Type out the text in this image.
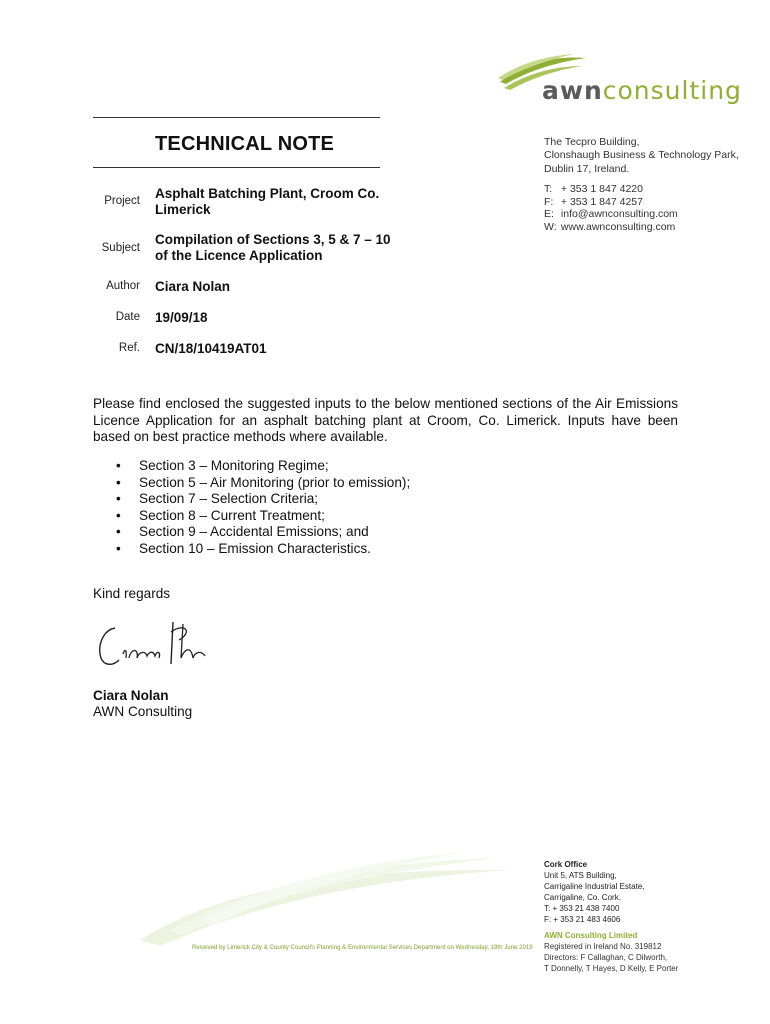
awnconsulting
TECHNICAL NOTE	The Tecpro Building,
Clonshaugh Business & Technology Park,
Dublin 17, Ireland.
T: + 353 1 847 4220
F: + 353 1 847 4257
E: info@awnconsulting.com
W: www.awnconsulting.com
Project Asphalt Batching Plant, Croom Co. Limerick
Subject
Compilation of Sections 3, 5 & 7 – 10 of the Licence Application
Author Ciara Nolan
Date 19/09/18
Ref. CN/18/10419AT01
Please find enclosed the suggested inputs to the below mentioned sections of the Air Emissions Licence Application for an asphalt batching plant at Croom, Co. Limerick. Inputs have been based on best practice methods where available.
•	Section 3 – Monitoring Regime;
•	Section 5 – Air Monitoring (prior to emission);
•	Section 7 – Selection Criteria;
•	Section 8 – Current Treatment;
•	Section 9 – Accidental Emissions; and
•	Section 10 – Emission Characteristics.
Kind regards
Ciara Nolan
AWN Consulting
Cork Office
Unit 5, ATS Building,
Carrigaline Industrial Estate,
Carrigaline, Co. Cork.
T: + 353 21 438 7400
F: + 353 21 483 4606
AWN Consulting Limited
Registered in Ireland No. 319812
Directors: F Callaghan, C Dilworth,
T Donnelly, T Hayes, D Kelly, E Porter
Received by Limerick City & County Council's Planning & Environmental Services Department on Wednesday, 19th June 2019
